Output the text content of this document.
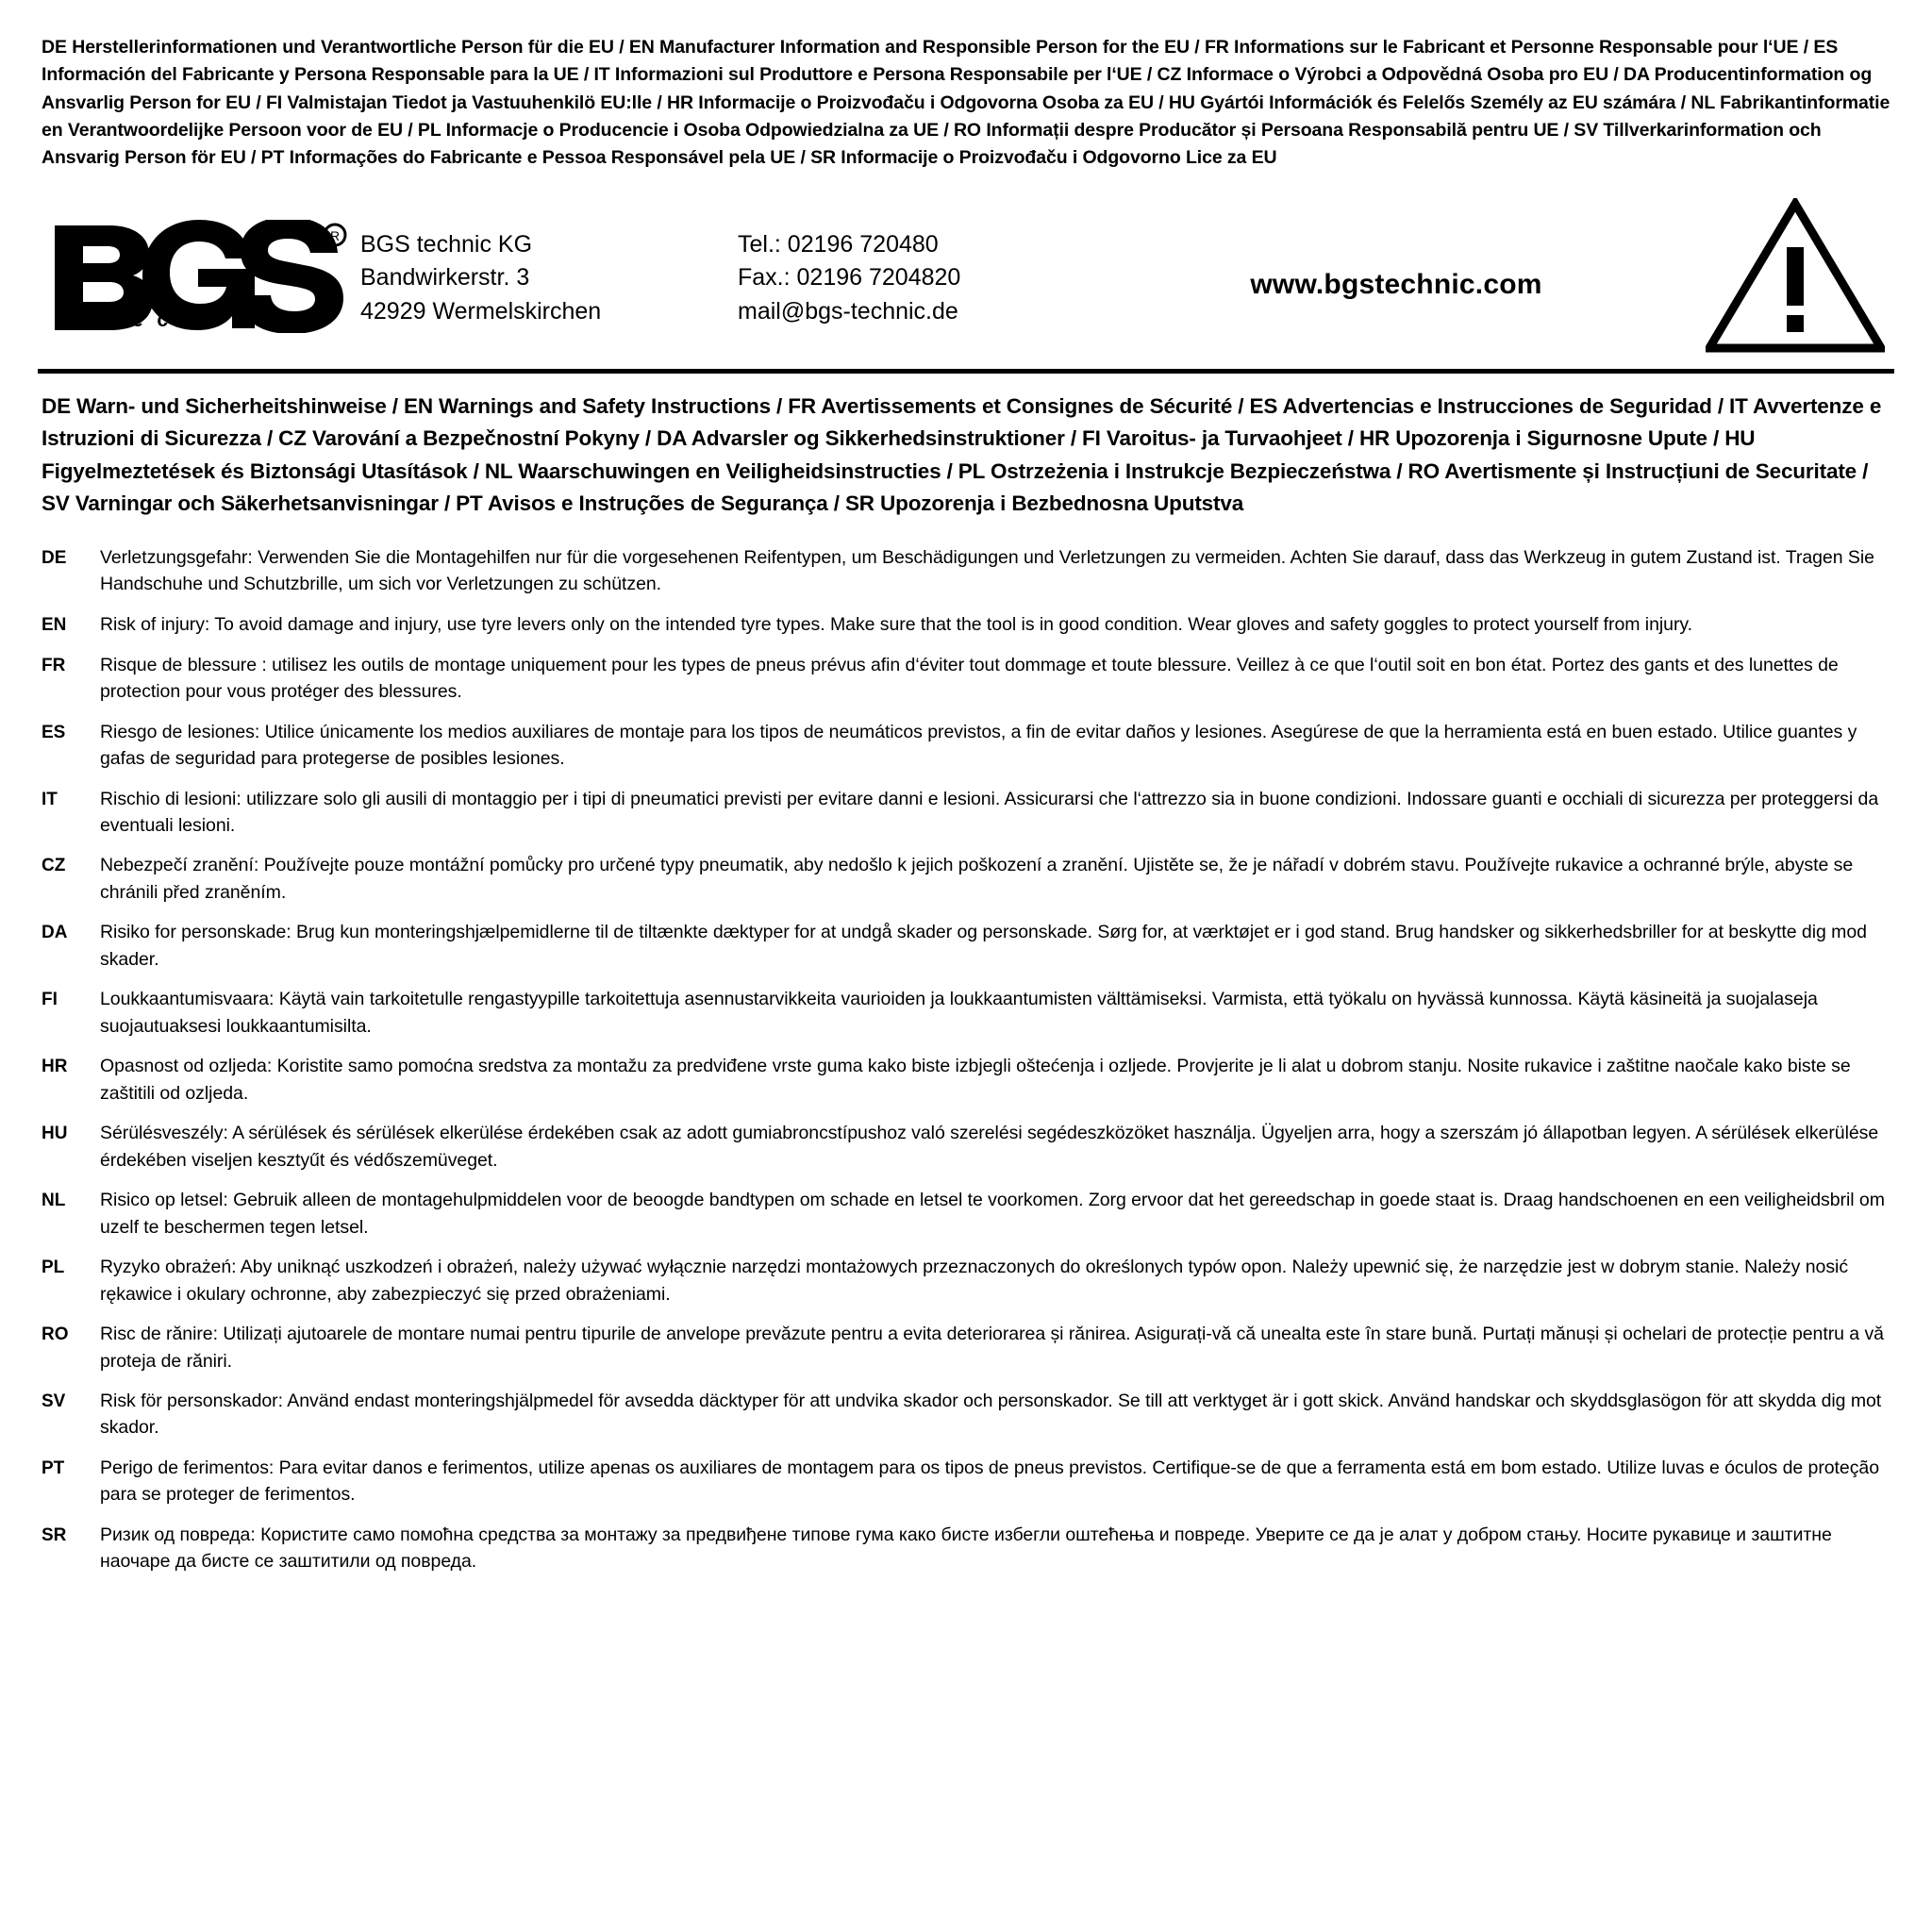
DE Herstellerinformationen und Verantwortliche Person für die EU / EN Manufacturer Information and Responsible Person for the EU / FR Informations sur le Fabricant et Personne Responsable pour l‘UE / ES Información del Fabricante y Persona Responsable para la UE / IT Informazioni sul Produttore e Persona Responsabile per l‘UE / CZ Informace o Výrobci a Odpovědná Osoba pro EU / DA Producentinformation og Ansvarlig Person for EU / FI Valmistajan Tiedot ja Vastuuhenkilö EU:lle / HR Informacije o Proizvođaču i Odgovorna Osoba za EU / HU Gyártói Információk és Felelős Személy az EU számára / NL Fabrikantinformatie en Verantwoordelijke Persoon voor de EU / PL Informacje o Producencie i Osoba Odpowiedzialna za UE / RO Informații despre Producător și Persoana Responsabilă pentru UE / SV Tillverkarinformation och Ansvarig Person för EU / PT Informações do Fabricante e Pessoa Responsável pela UE / SR Informacije o Proizvođaču i Odgovorno Lice za EU
R
t e c h n i c
BGS technic KG
Bandwirkerstr. 3
42929 Wermelskirchen
Tel.: 02196 720480
Fax.: 02196 7204820
mail@bgs-technic.de
www.bgstechnic.com
DE Warn- und Sicherheitshinweise / EN Warnings and Safety Instructions / FR Avertissements et Consignes de Sécurité / ES Advertencias e Instrucciones de Seguridad / IT Avvertenze e Istruzioni di Sicurezza / CZ Varování a Bezpečnostní Pokyny / DA Advarsler og Sikkerhedsinstruktioner / FI Varoitus- ja Turvaohjeet / HR Upozorenja i Sigurnosne Upute / HU Figyelmeztetések és Biztonsági Utasítások / NL Waarschuwingen en Veiligheidsinstructies / PL Ostrzeżenia i Instrukcje Bezpieczeństwa / RO Avertismente și Instrucțiuni de Securitate / SV Varningar och Säkerhetsanvisningar / PT Avisos e Instruções de Segurança / SR Upozorenja i Bezbednosna Uputstva
DE	Verletzungsgefahr: Verwenden Sie die Montagehilfen nur für die vorgesehenen Reifentypen, um Beschädigungen und Verletzungen zu vermeiden. Achten Sie darauf, dass das Werkzeug in gutem Zustand ist. Tragen Sie Handschuhe und Schutzbrille, um sich vor Verletzungen zu schützen.
EN	Risk of injury: To avoid damage and injury, use tyre levers only on the intended tyre types. Make sure that the tool is in good condition. Wear gloves and safety goggles to protect yourself from injury.
FR	Risque de blessure : utilisez les outils de montage uniquement pour les types de pneus prévus afin d‘éviter tout dommage et toute blessure. Veillez à ce que l‘outil soit en bon état. Portez des gants et des lunettes de protection pour vous protéger des blessures.
ES	Riesgo de lesiones: Utilice únicamente los medios auxiliares de montaje para los tipos de neumáticos previstos, a fin de evitar daños y lesiones. Asegúrese de que la herramienta está en buen estado. Utilice guantes y gafas de seguridad para protegerse de posibles lesiones.
IT	Rischio di lesioni: utilizzare solo gli ausili di montaggio per i tipi di pneumatici previsti per evitare danni e lesioni. Assicurarsi che l‘attrezzo sia in buone condizioni. Indossare guanti e occhiali di sicurezza per proteggersi da eventuali lesioni.
CZ	Nebezpečí zranění: Používejte pouze montážní pomůcky pro určené typy pneumatik, aby nedošlo k jejich poškození a zranění. Ujistěte se, že je nářadí v dobrém stavu. Používejte rukavice a ochranné brýle, abyste se chránili před zraněním.
DA	Risiko for personskade: Brug kun monteringshjælpemidlerne til de tiltænkte dæktyper for at undgå skader og personskade. Sørg for, at værktøjet er i god stand. Brug handsker og sikkerhedsbriller for at beskytte dig mod skader.
FI	Loukkaantumisvaara: Käytä vain tarkoitetulle rengastyypille tarkoitettuja asennustarvikkeita vaurioiden ja loukkaantumisten välttämiseksi. Varmista, että työkalu on hyvässä kunnossa. Käytä käsineitä ja suojalaseja suojautuaksesi loukkaantumisilta.
HR	Opasnost od ozljeda: Koristite samo pomoćna sredstva za montažu za predviđene vrste guma kako biste izbjegli oštećenja i ozljede. Provjerite je li alat u dobrom stanju. Nosite rukavice i zaštitne naočale kako biste se zaštitili od ozljeda.
HU	Sérülésveszély: A sérülések és sérülések elkerülése érdekében csak az adott gumiabroncstípushoz való szerelési segédeszközöket használja. Ügyeljen arra, hogy a szerszám jó állapotban legyen. A sérülések elkerülése érdekében viseljen kesztyűt és védőszemüveget.
NL	Risico op letsel: Gebruik alleen de montagehulpmiddelen voor de beoogde bandtypen om schade en letsel te voorkomen. Zorg ervoor dat het gereedschap in goede staat is. Draag handschoenen en een veiligheidsbril om uzelf te beschermen tegen letsel.
PL	Ryzyko obrażeń: Aby uniknąć uszkodzeń i obrażeń, należy używać wyłącznie narzędzi montażowych przeznaczonych do określonych typów opon. Należy upewnić się, że narzędzie jest w dobrym stanie. Należy nosić rękawice i okulary ochronne, aby zabezpieczyć się przed obrażeniami.
RO	Risc de rănire: Utilizați ajutoarele de montare numai pentru tipurile de anvelope prevăzute pentru a evita deteriorarea și rănirea. Asigurați-vă că unealta este în stare bună. Purtați mănuși și ochelari de protecție pentru a vă proteja de răniri.
SV	Risk för personskador: Använd endast monteringshjälpmedel för avsedda däcktyper för att undvika skador och personskador. Se till att verktyget är i gott skick. Använd handskar och skyddsglasögon för att skydda dig mot skador.
PT	Perigo de ferimentos: Para evitar danos e ferimentos, utilize apenas os auxiliares de montagem para os tipos de pneus previstos. Certifique-se de que a ferramenta está em bom estado. Utilize luvas e óculos de proteção para se proteger de ferimentos.
SR	Ризик од повреда: Користите само помоћна средства за монтажу за предвиђене типове гума како бисте избегли оштећења и повреде. Уверите се да је алат у добром стању. Носите рукавице и заштитне наочаре да бисте се заштитили од повреда.
